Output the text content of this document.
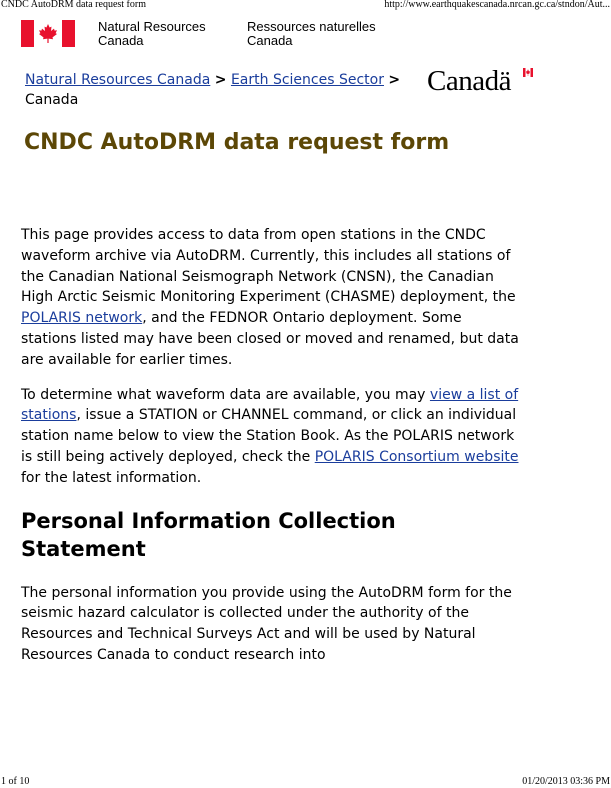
CNDC AutoDRM data request form	http://www.earthquakescanada.nrcan.gc.ca/stndon/Aut...
Natural Resources
Canada
Ressources naturelles
Canada
Natural Resources Canada > Earth Sciences Sector >
Canada
Canadä
CNDC AutoDRM data request form

This page provides access to data from open stations in the CNDC waveform archive via AutoDRM. Currently, this includes all stations of the Canadian National Seismograph Network (CNSN), the Canadian High Arctic Seismic Monitoring Experiment (CHASME) deployment, the POLARIS network, and the FEDNOR Ontario deployment. Some stations listed may have been closed or moved and renamed, but data are available for earlier times.

To determine what waveform data are available, you may view a list of stations, issue a STATION or CHANNEL command, or click an individual station name below to view the Station Book. As the POLARIS network is still being actively deployed, check the POLARIS Consortium website for the latest information.

Personal Information Collection Statement

The personal information you provide using the AutoDRM form for the seismic hazard calculator is collected under the authority of the Resources and Technical Surveys Act and will be used by Natural Resources Canada to conduct research into

1 of 10	01/20/2013 03:36 PM
